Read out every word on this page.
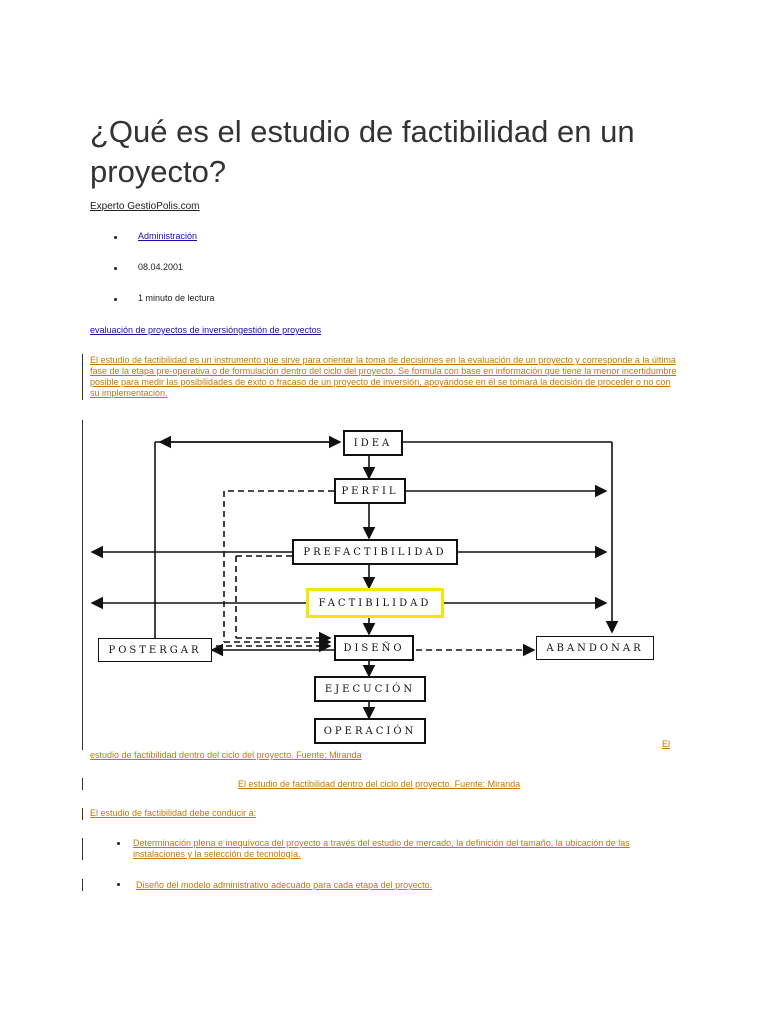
¿Qué es el estudio de factibilidad en un proyecto?
Experto GestioPolis.com
Administración
08.04.2001
1 minuto de lectura
evaluación de proyectos de inversióngestión de proyectos
El estudio de factibilidad es un instrumento que sirve para orientar la toma de decisiones en la evaluación de un proyecto y corresponde a la última fase de la etapa pre-operativa o de formulación dentro del ciclo del proyecto. Se formula con base en información que tiene la menor incertidumbre posible para medir las posibilidades de éxito o fracaso de un proyecto de inversión, apoyándose en él se tomará la decisión de proceder o no con su implementación.
IDEA
PERFIL
PREFACTIBILIDAD
FACTIBILIDAD
DISEÑO
EJECUCIÓN
OPERACIÓN
POSTERGAR	ABANDONAR
El
estudio de factibilidad dentro del ciclo del proyecto. Fuente: Miranda
El estudio de factibilidad dentro del ciclo del proyecto. Fuente: Miranda
El estudio de factibilidad debe conducir a:
Determinación plena e inequívoca del proyecto a través del estudio de mercado, la definición del tamaño, la ubicación de las instalaciones y la selección de tecnología.
Diseño del modelo administrativo adecuado para cada etapa del proyecto.
